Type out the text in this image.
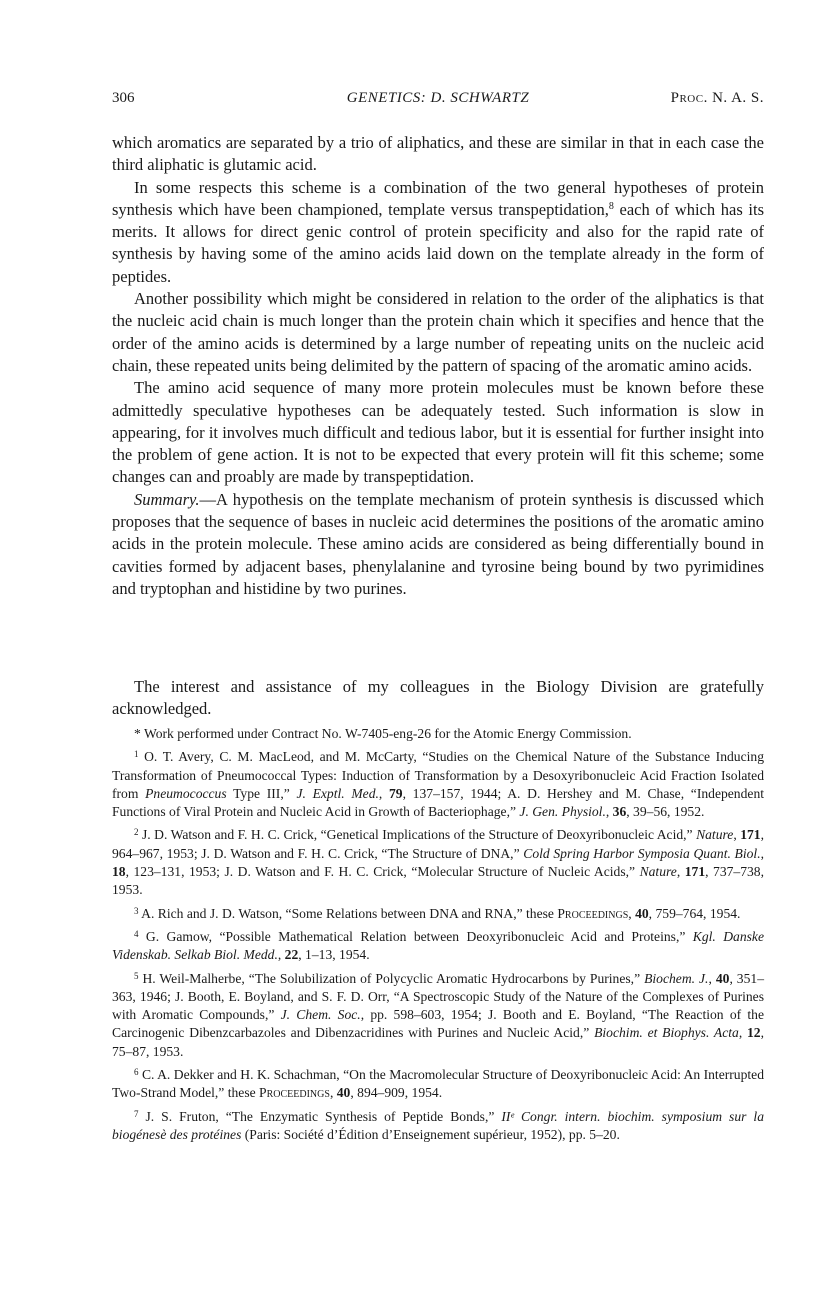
306	GENETICS: D. SCHWARTZ	Proc. N. A. S.

which aromatics are separated by a trio of aliphatics, and these are similar in that in each case the third aliphatic is glutamic acid.

In some respects this scheme is a combination of the two general hypotheses of protein synthesis which have been championed, template versus transpeptidation,$^8$ each of which has its merits. It allows for direct genic control of protein specificity and also for the rapid rate of synthesis by having some of the amino acids laid down on the template already in the form of peptides.

Another possibility which might be considered in relation to the order of the aliphatics is that the nucleic acid chain is much longer than the protein chain which it specifies and hence that the order of the amino acids is determined by a large number of repeating units on the nucleic acid chain, these repeated units being delimited by the pattern of spacing of the aromatic amino acids.

The amino acid sequence of many more protein molecules must be known before these admittedly speculative hypotheses can be adequately tested. Such information is slow in appearing, for it involves much difficult and tedious labor, but it is essential for further insight into the problem of gene action. It is not to be expected that every protein will fit this scheme; some changes can and proably are made by transpeptidation.

Summary.—A hypothesis on the template mechanism of protein synthesis is discussed which proposes that the sequence of bases in nucleic acid determines the positions of the aromatic amino acids in the protein molecule. These amino acids are considered as being differentially bound in cavities formed by adjacent bases, phenylalanine and tyrosine being bound by two pyrimidines and tryptophan and histidine by two purines.

The interest and assistance of my colleagues in the Biology Division are gratefully acknowledged.

* Work performed under Contract No. W-7405-eng-26 for the Atomic Energy Commission.

$^1$ O. T. Avery, C. M. MacLeod, and M. McCarty, “Studies on the Chemical Nature of the Substance Inducing Transformation of Pneumococcal Types: Induction of Transformation by a Desoxyribonucleic Acid Fraction Isolated from Pneumococcus Type III,” J. Exptl. Med., 79, 137–157, 1944; A. D. Hershey and M. Chase, “Independent Functions of Viral Protein and Nucleic Acid in Growth of Bacteriophage,” J. Gen. Physiol., 36, 39–56, 1952.

$^2$ J. D. Watson and F. H. C. Crick, “Genetical Implications of the Structure of Deoxyribonucleic Acid,” Nature, 171, 964–967, 1953; J. D. Watson and F. H. C. Crick, “The Structure of DNA,” Cold Spring Harbor Symposia Quant. Biol., 18, 123–131, 1953; J. D. Watson and F. H. C. Crick, “Molecular Structure of Nucleic Acids,” Nature, 171, 737–738, 1953.

$^3$ A. Rich and J. D. Watson, “Some Relations between DNA and RNA,” these Proceedings, 40, 759–764, 1954.

$^4$ G. Gamow, “Possible Mathematical Relation between Deoxyribonucleic Acid and Proteins,” Kgl. Danske Videnskab. Selkab Biol. Medd., 22, 1–13, 1954.

$^5$ H. Weil-Malherbe, “The Solubilization of Polycyclic Aromatic Hydrocarbons by Purines,” Biochem. J., 40, 351–363, 1946; J. Booth, E. Boyland, and S. F. D. Orr, “A Spectroscopic Study of the Nature of the Complexes of Purines with Aromatic Compounds,” J. Chem. Soc., pp. 598–603, 1954; J. Booth and E. Boyland, “The Reaction of the Carcinogenic Dibenzcarbazoles and Dibenzacridines with Purines and Nucleic Acid,” Biochim. et Biophys. Acta, 12, 75–87, 1953.

$^6$ C. A. Dekker and H. K. Schachman, “On the Macromolecular Structure of Deoxyribonucleic Acid: An Interrupted Two-Strand Model,” these Proceedings, 40, 894–909, 1954.

$^7$ J. S. Fruton, “The Enzymatic Synthesis of Peptide Bonds,” IIᵉ Congr. intern. biochim. symposium sur la biogénesè des protéines (Paris: Société d’Édition d’Enseignement supérieur, 1952), pp. 5–20.
